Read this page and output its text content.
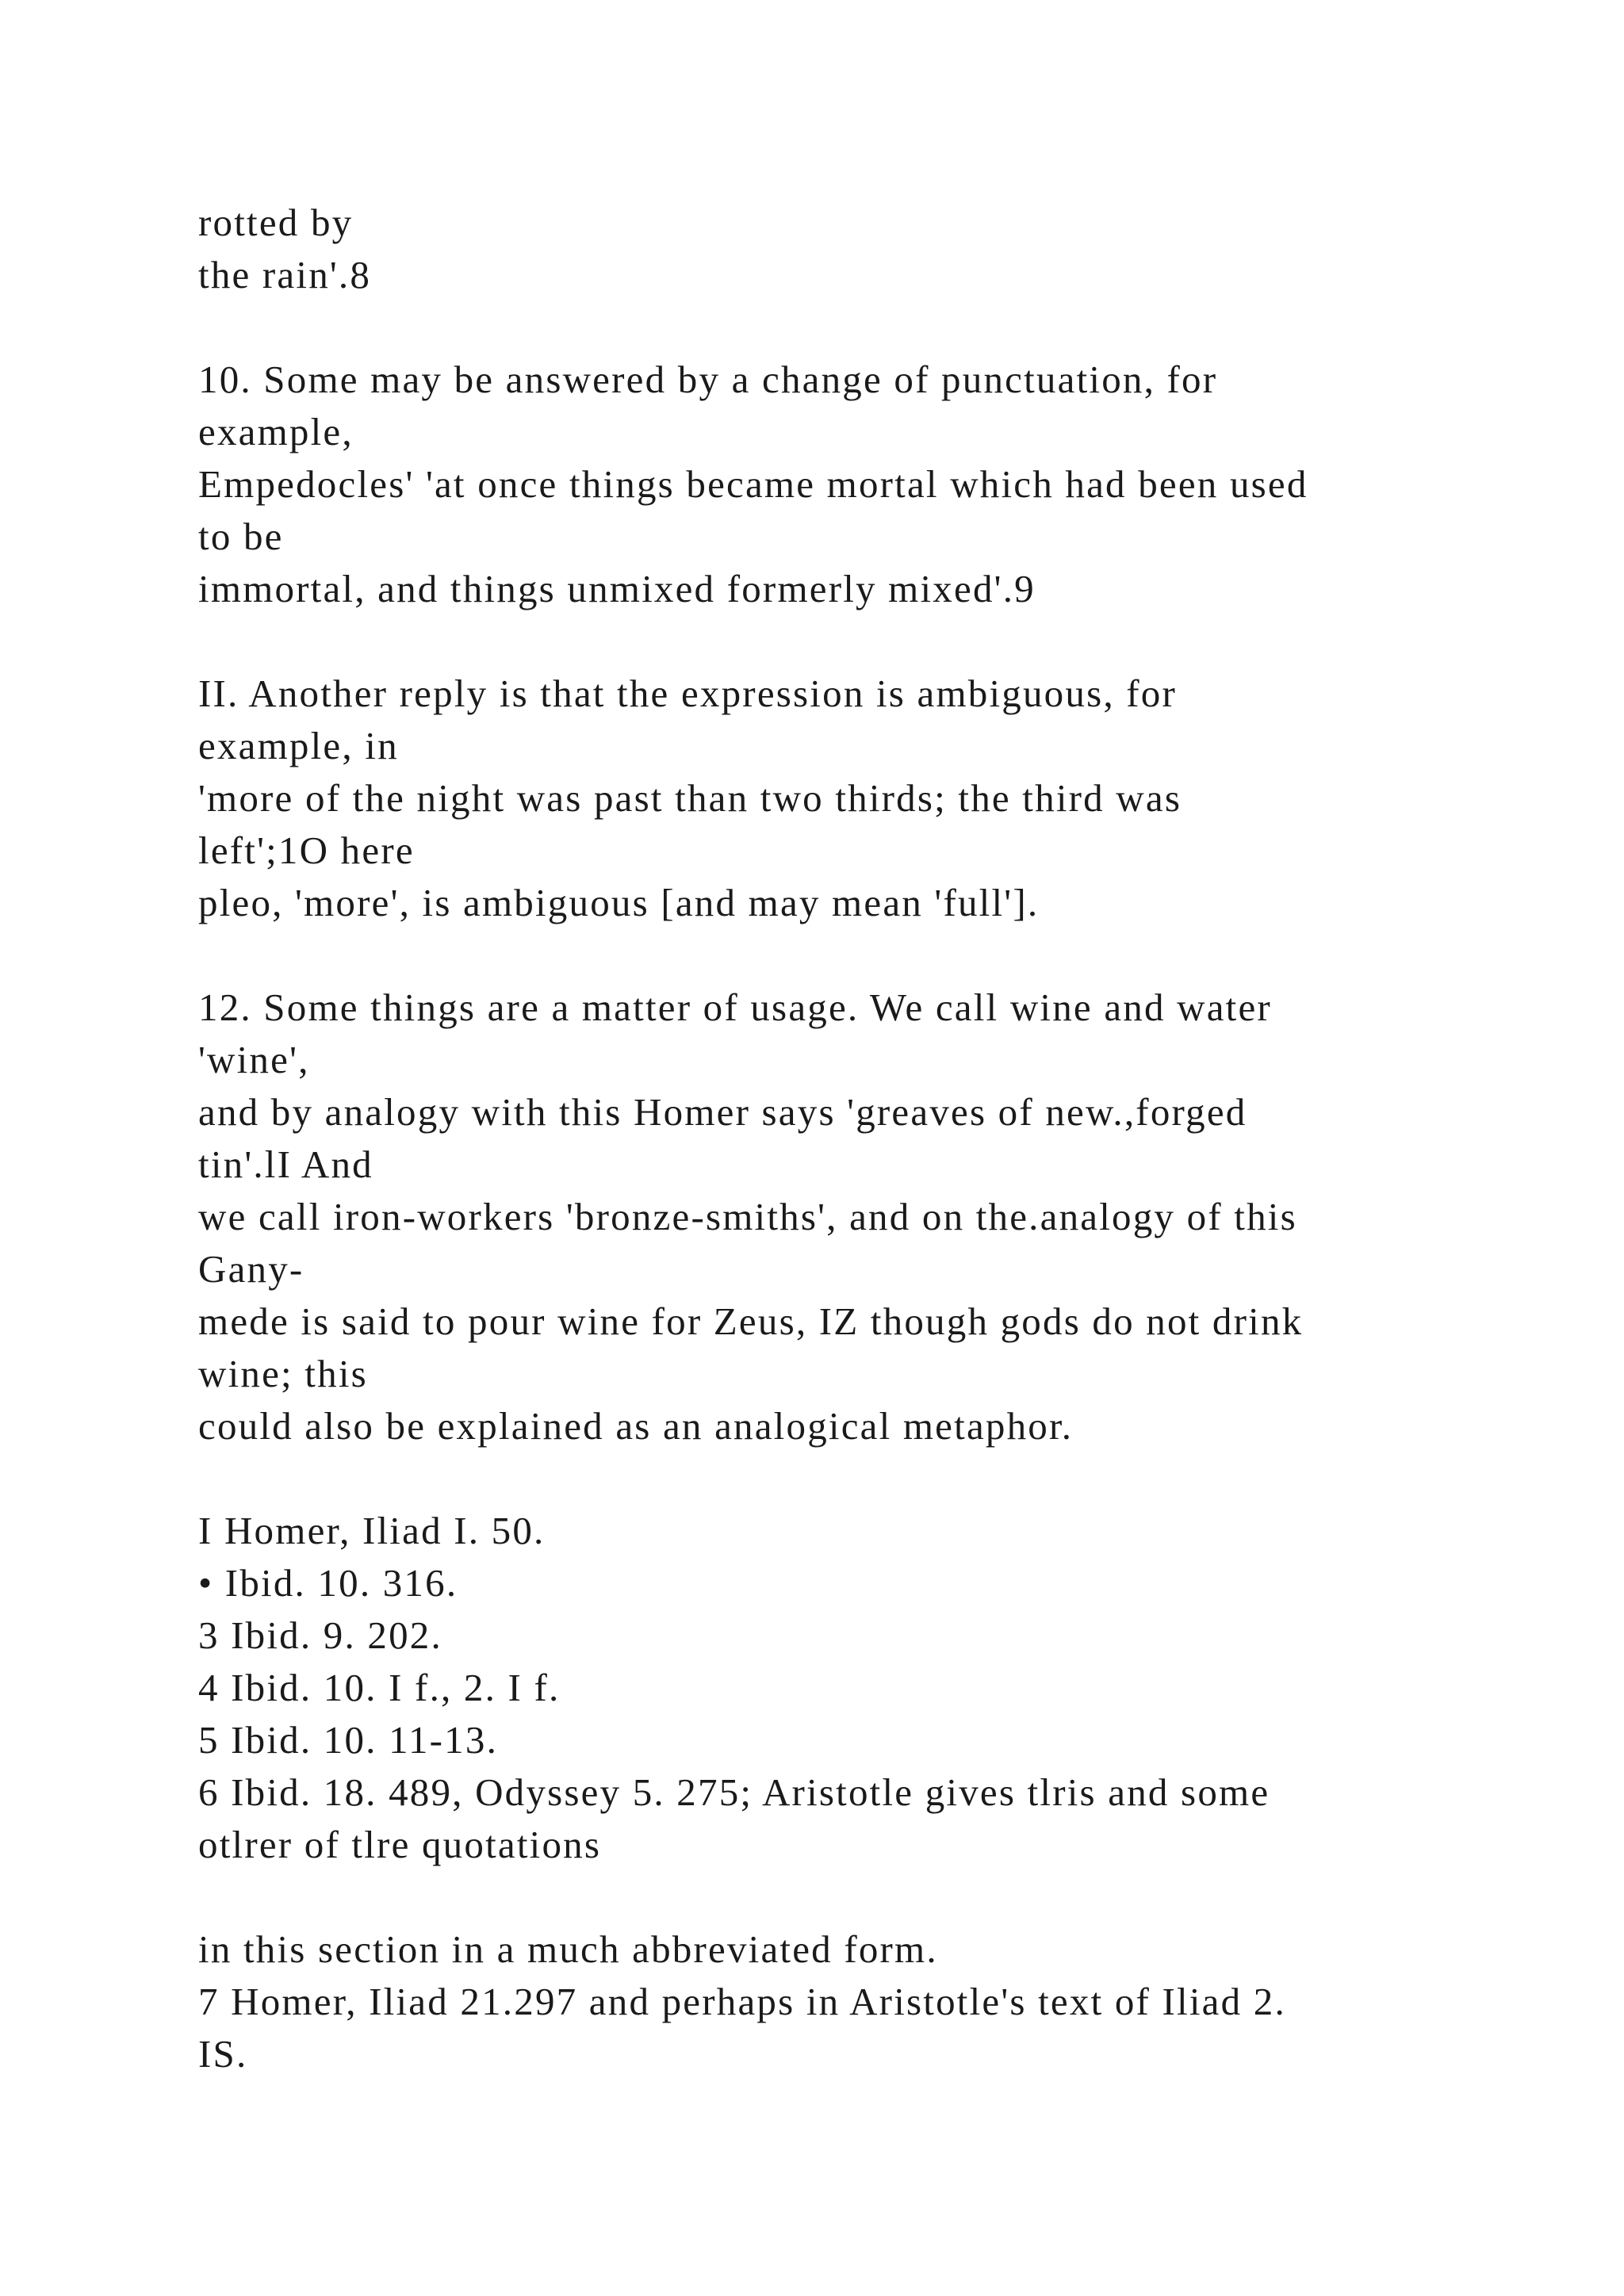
rotted by
the rain'.8
10. Some may be answered by a change of punctuation, for
example,
Empedocles' 'at once things became mortal which had been used
to be
immortal, and things unmixed formerly mixed'.9
II. Another reply is that the expression is ambiguous, for
example, in
'more of the night was past than two thirds; the third was
left';1O here
pleo, 'more', is ambiguous [and may mean 'full'].
12. Some things are a matter of usage. We call wine and water
'wine',
and by analogy with this Homer says 'greaves of new.,forged
tin'.lI And
we call iron-workers 'bronze-smiths', and on the.analogy of this
Gany-
mede is said to pour wine for Zeus, IZ though gods do not drink
wine; this
could also be explained as an analogical metaphor.
I Homer, Iliad I. 50.
• Ibid. 10. 316.
3 Ibid. 9. 202.
4 Ibid. 10. I f., 2. I f.
5 Ibid. 10. 11-13.
6 Ibid. 18. 489, Odyssey 5. 275; Aristotle gives tlris and some
otlrer of tlre quotations
in this section in a much abbreviated form.
7 Homer, Iliad 21.297 and perhaps in Aristotle's text of Iliad 2.
IS.
